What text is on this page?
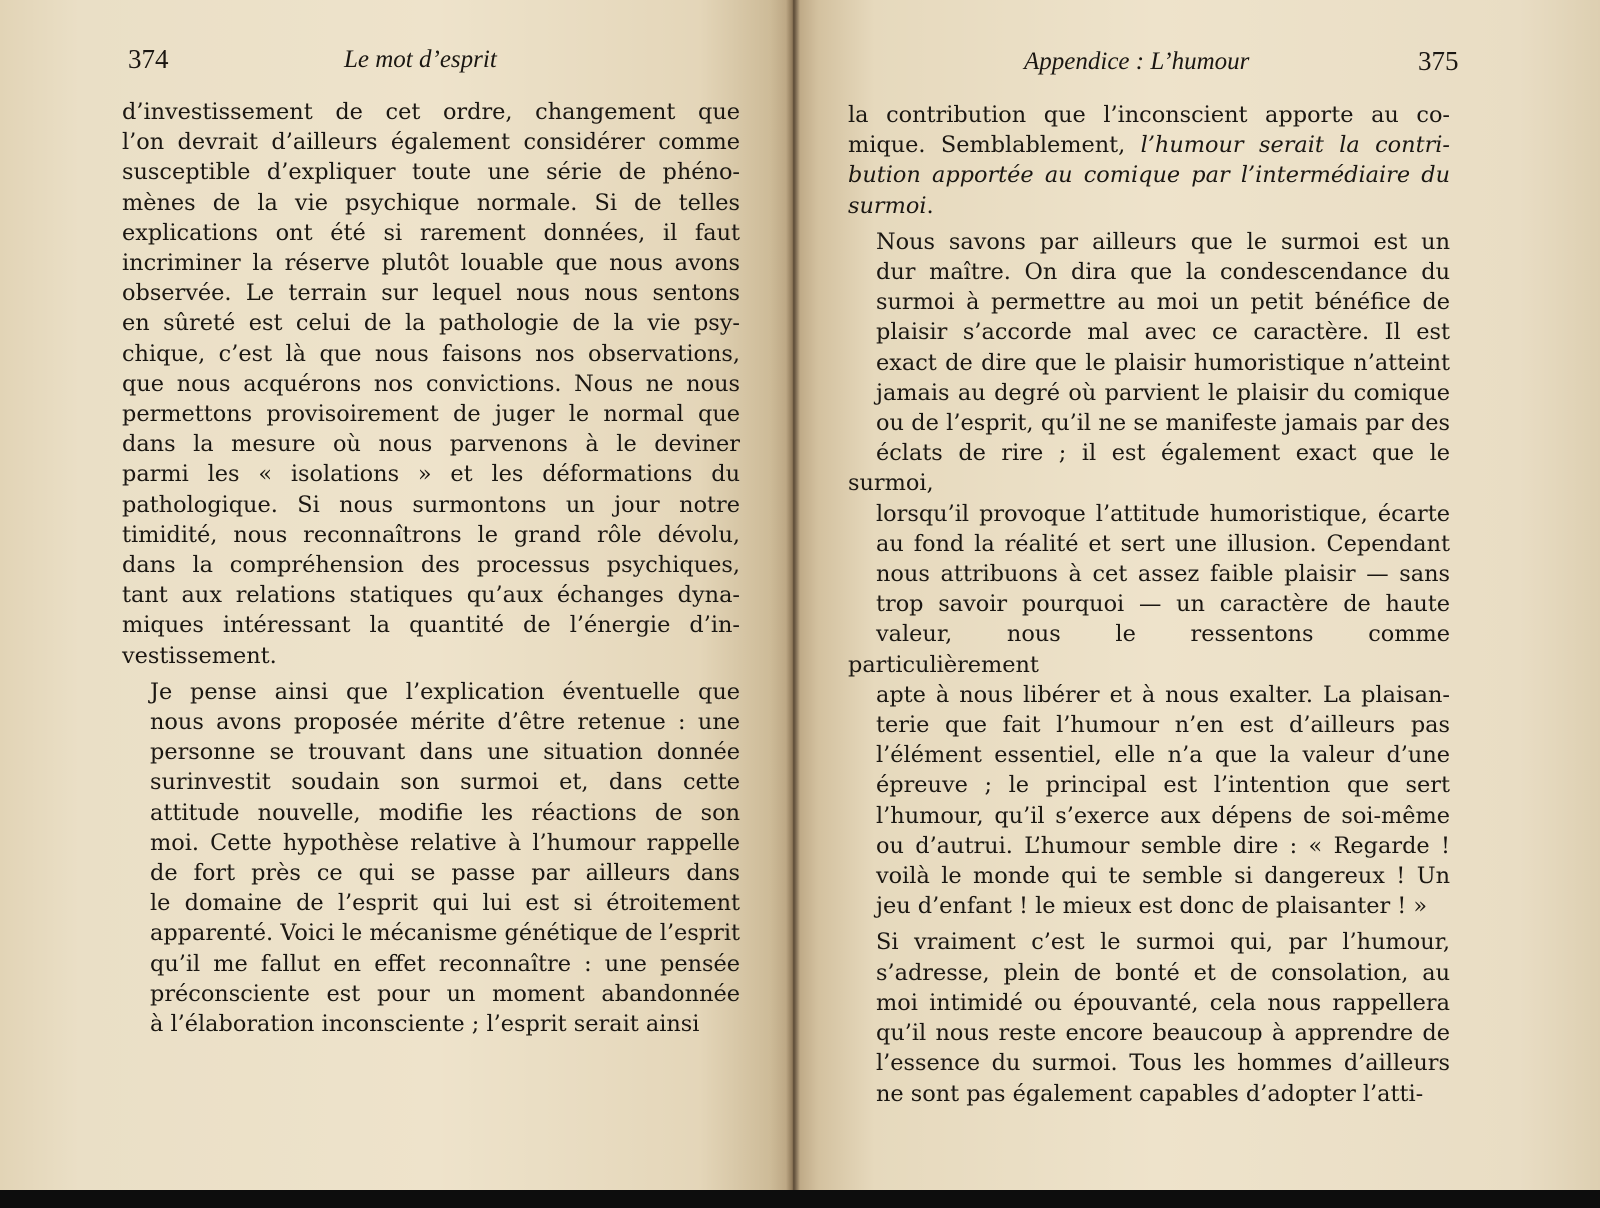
374	Le mot d’esprit

d’investissement de cet ordre, changement que
l’on devrait d’ailleurs également considérer comme
susceptible d’expliquer toute une série de phéno-
mènes de la vie psychique normale. Si de telles
explications ont été si rarement données, il faut
incriminer la réserve plutôt louable que nous avons
observée. Le terrain sur lequel nous nous sentons
en sûreté est celui de la pathologie de la vie psy-
chique, c’est là que nous faisons nos observations,
que nous acquérons nos convictions. Nous ne nous
permettons provisoirement de juger le normal que
dans la mesure où nous parvenons à le deviner
parmi les « isolations » et les déformations du
pathologique. Si nous surmontons un jour notre
timidité, nous reconnaîtrons le grand rôle dévolu,
dans la compréhension des processus psychiques,
tant aux relations statiques qu’aux échanges dyna-
miques intéressant la quantité de l’énergie d’in-
vestissement.

Je pense ainsi que l’explication éventuelle que
nous avons proposée mérite d’être retenue : une
personne se trouvant dans une situation donnée
surinvestit soudain son surmoi et, dans cette
attitude nouvelle, modifie les réactions de son
moi. Cette hypothèse relative à l’humour rappelle
de fort près ce qui se passe par ailleurs dans
le domaine de l’esprit qui lui est si étroitement
apparenté. Voici le mécanisme génétique de l’esprit
qu’il me fallut en effet reconnaître : une pensée
préconsciente est pour un moment abandonnée
à l’élaboration inconsciente ; l’esprit serait ainsi

Appendice : L’humour	375

la contribution que l’inconscient apporte au co-
mique. Semblablement, l’humour serait la contri-
bution apportée au comique par l’intermédiaire du
surmoi.

Nous savons par ailleurs que le surmoi est un
dur maître. On dira que la condescendance du
surmoi à permettre au moi un petit bénéfice de
plaisir s’accorde mal avec ce caractère. Il est
exact de dire que le plaisir humoristique n’atteint
jamais au degré où parvient le plaisir du comique
ou de l’esprit, qu’il ne se manifeste jamais par des
éclats de rire ; il est également exact que le surmoi,
lorsqu’il provoque l’attitude humoristique, écarte
au fond la réalité et sert une illusion. Cependant
nous attribuons à cet assez faible plaisir — sans
trop savoir pourquoi — un caractère de haute
valeur, nous le ressentons comme particulièrement
apte à nous libérer et à nous exalter. La plaisan-
terie que fait l’humour n’en est d’ailleurs pas
l’élément essentiel, elle n’a que la valeur d’une
épreuve ; le principal est l’intention que sert
l’humour, qu’il s’exerce aux dépens de soi-même
ou d’autrui. L’humour semble dire : « Regarde !
voilà le monde qui te semble si dangereux ! Un
jeu d’enfant ! le mieux est donc de plaisanter ! »

Si vraiment c’est le surmoi qui, par l’humour,
s’adresse, plein de bonté et de consolation, au
moi intimidé ou épouvanté, cela nous rappellera
qu’il nous reste encore beaucoup à apprendre de
l’essence du surmoi. Tous les hommes d’ailleurs
ne sont pas également capables d’adopter l’atti-
